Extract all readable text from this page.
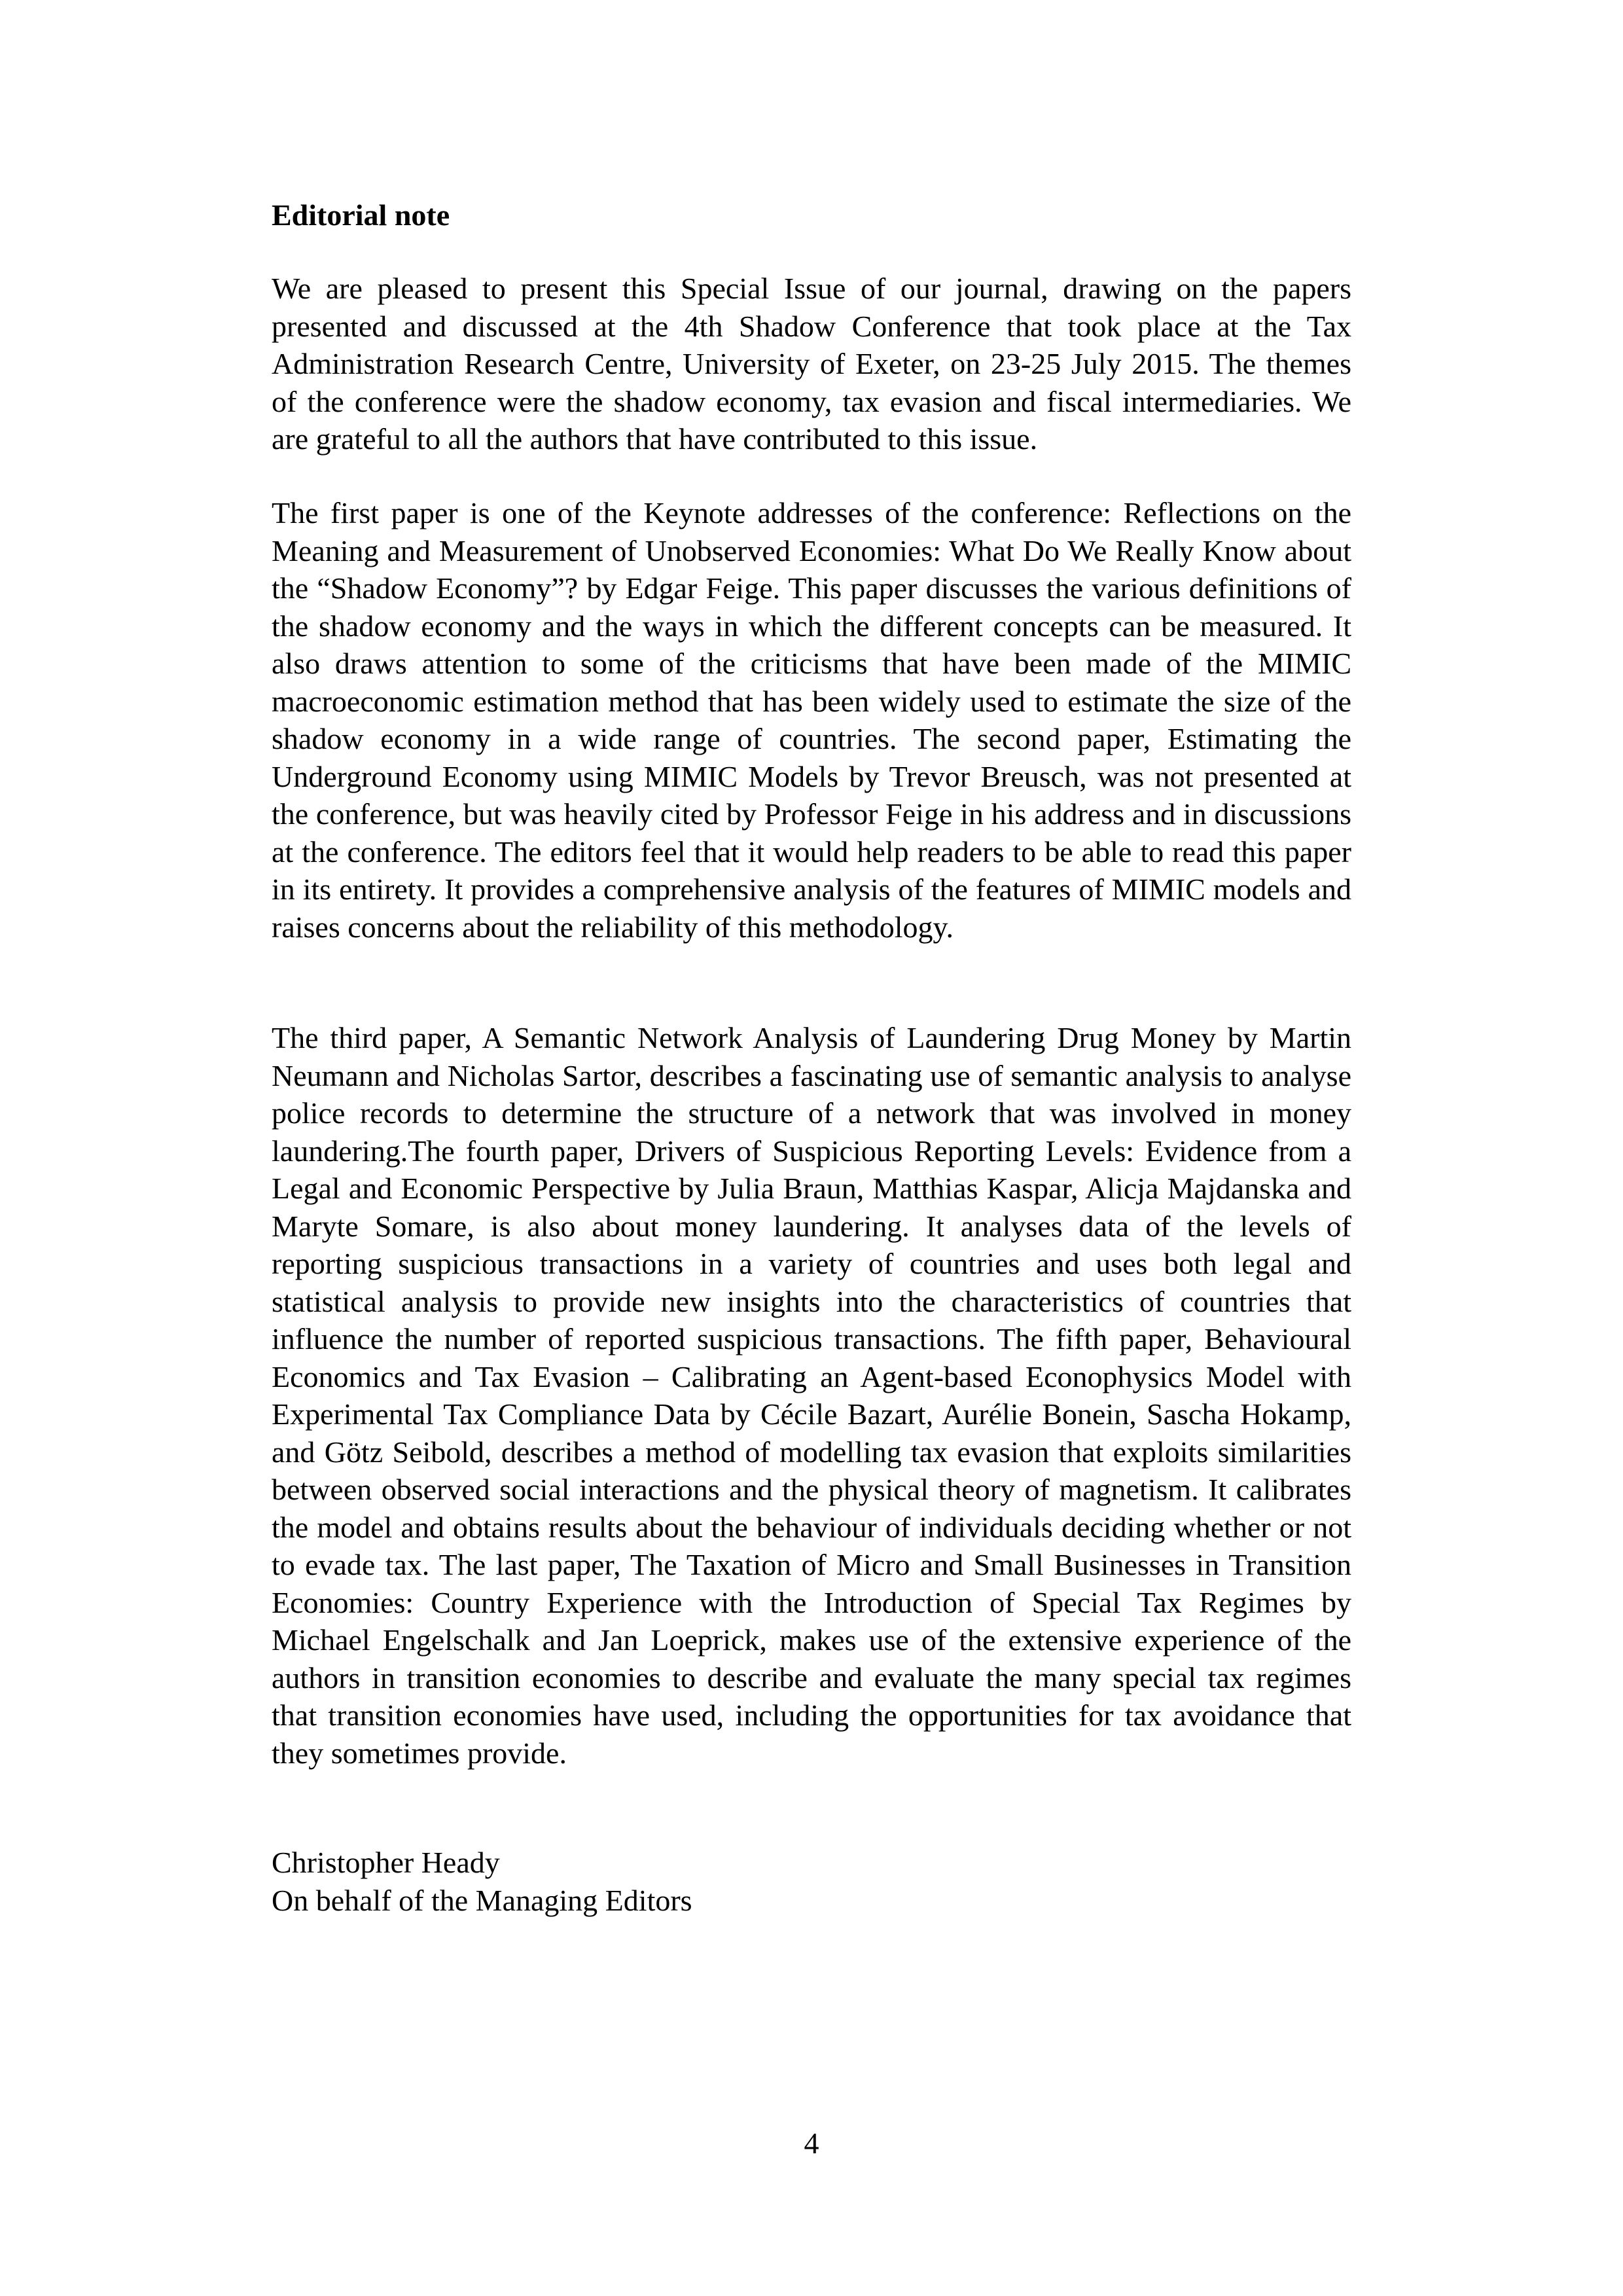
Editorial note

We are pleased to present this Special Issue of our journal, drawing on the papers presented and discussed at the 4th Shadow Conference that took place at the Tax Administration Research Centre, University of Exeter, on 23-25 July 2015. The themes of the conference were the shadow economy, tax evasion and fiscal intermediaries. We are grateful to all the authors that have contributed to this issue.

The first paper is one of the Keynote addresses of the conference: Reflections on the Meaning and Measurement of Unobserved Economies: What Do We Really Know about the “Shadow Economy”? by Edgar Feige. This paper discusses the various definitions of the shadow economy and the ways in which the different concepts can be measured. It also draws attention to some of the criticisms that have been made of the MIMIC macroeconomic estimation method that has been widely used to estimate the size of the shadow economy in a wide range of countries. The second paper, Estimating the Underground Economy using MIMIC Models by Trevor Breusch, was not presented at the conference, but was heavily cited by Professor Feige in his address and in discussions at the conference. The editors feel that it would help readers to be able to read this paper in its entirety. It provides a comprehensive analysis of the features of MIMIC models and raises concerns about the reliability of this methodology.

The third paper, A Semantic Network Analysis of Laundering Drug Money by Martin Neumann and Nicholas Sartor, describes a fascinating use of semantic analysis to analyse police records to determine the structure of a network that was involved in money laundering.The fourth paper, Drivers of Suspicious Reporting Levels: Evidence from a Legal and Economic Perspective by Julia Braun, Matthias Kaspar, Alicja Majdanska and Maryte Somare, is also about money laundering. It analyses data of the levels of reporting suspicious transactions in a variety of countries and uses both legal and statistical analysis to provide new insights into the characteristics of countries that influence the number of reported suspicious transactions. The fifth paper, Behavioural Economics and Tax Evasion – Calibrating an Agent-based Econophysics Model with Experimental Tax Compliance Data by Cécile Bazart, Aurélie Bonein, Sascha Hokamp, and Götz Seibold, describes a method of modelling tax evasion that exploits similarities between observed social interactions and the physical theory of magnetism. It calibrates the model and obtains results about the behaviour of individuals deciding whether or not to evade tax. The last paper, The Taxation of Micro and Small Businesses in Transition Economies: Country Experience with the Introduction of Special Tax Regimes by Michael Engelschalk and Jan Loeprick, makes use of the extensive experience of the authors in transition economies to describe and evaluate the many special tax regimes that transition economies have used, including the opportunities for tax avoidance that they sometimes provide.

Christopher Heady
On behalf of the Managing Editors
4
